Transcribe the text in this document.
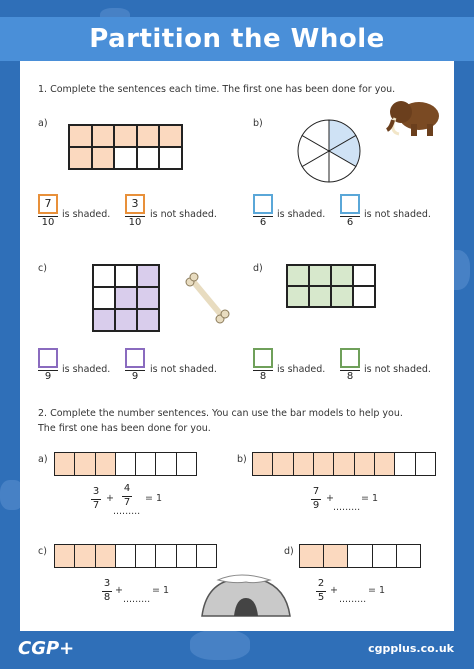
Partition the Whole
1. Complete the sentences each time. The first one has been done for you.
a)
7
10
is shaded.
3
10
is not shaded.
b)
6
is shaded.
6
is not shaded.
c)
9
is shaded.
9
is not shaded.
d)
8
is shaded.
8
is not shaded.
2. Complete the number sentences. You can use the bar models to help you.
The first one has been done for you.
a)
3
7
+
4
7
.........
= 1
b)
7
9
+
.........
= 1
c)
3
8
+
.........
= 1
d)
2
5
+
.........
= 1
CGP+	cgpplus.co.uk
